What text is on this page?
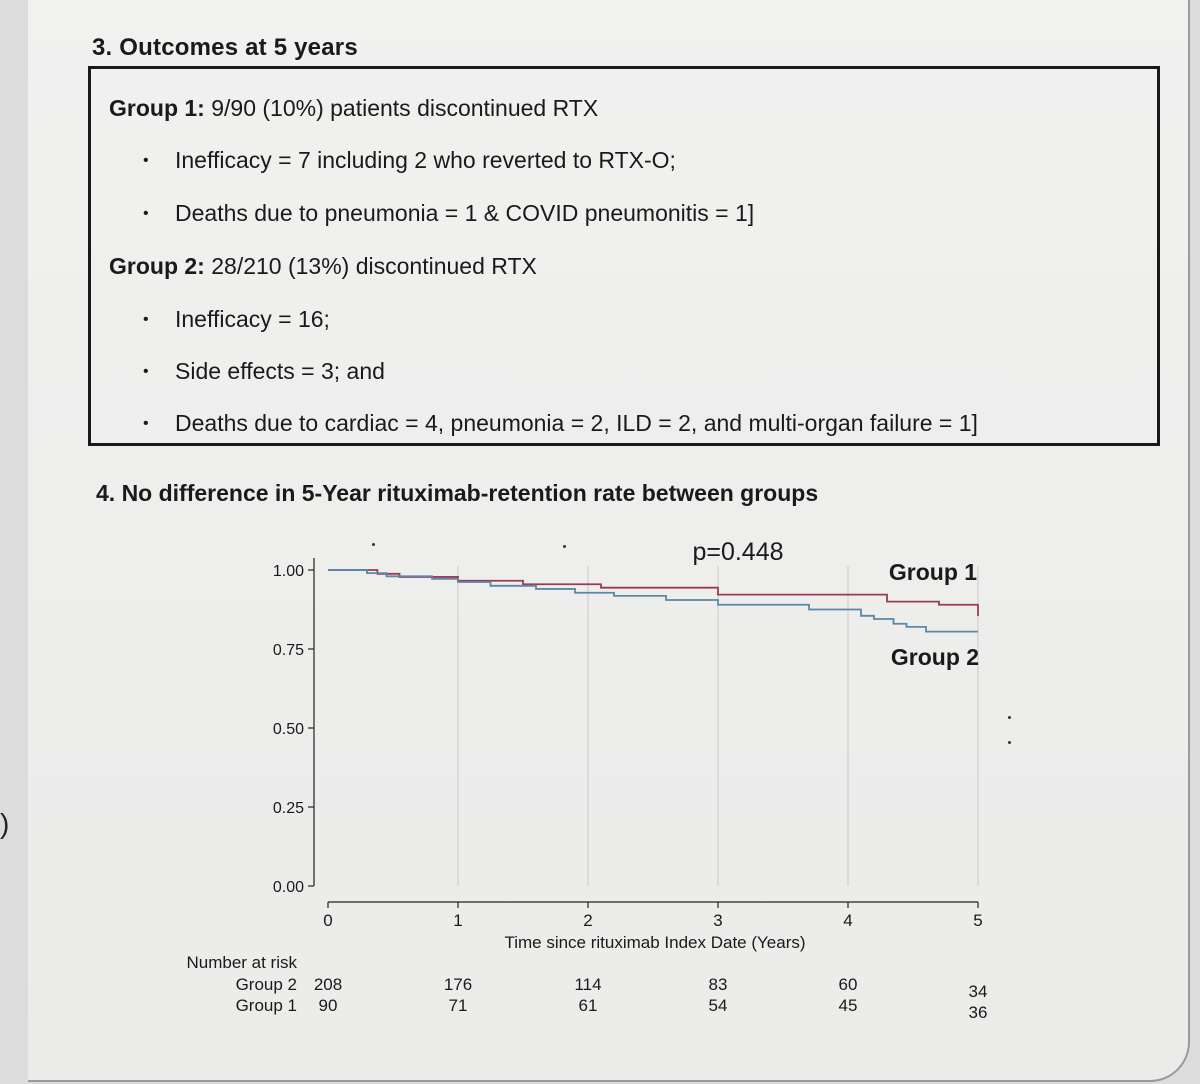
)
3. Outcomes at 5 years
Group 1: 9/90 (10%) patients discontinued RTX
•	Inefficacy = 7 including 2 who reverted to RTX-O;
•	Deaths due to pneumonia = 1 & COVID pneumonitis = 1]
Group 2: 28/210 (13%) discontinued RTX
•	Inefficacy = 16;
•	Side effects = 3; and
•	Deaths due to cardiac = 4, pneumonia = 2, ILD = 2, and multi-organ failure = 1]
4. No difference in 5-Year rituximab-retention rate between groups
0.00
0.25
0.50
0.75
1.00
0	1	2	3	4	5
Time since rituximab Index Date (Years)
p=0.448
Group 1
Group 2
Number at risk
Group 2 208	176	114	83	60	34
Group 1 90	71	61	54	45	36
